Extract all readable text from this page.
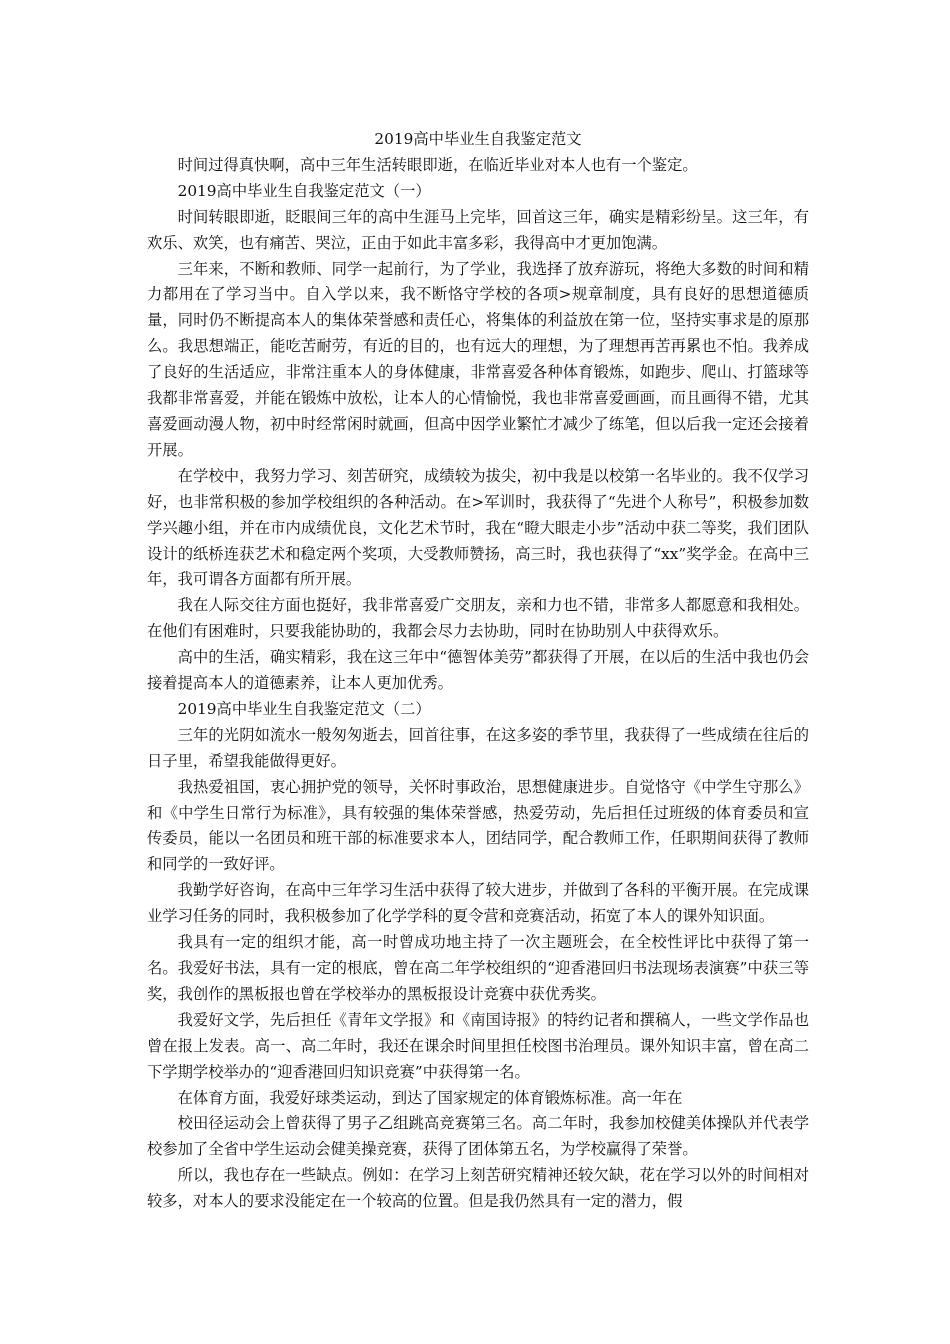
2019高中毕业生自我鉴定范文

时间过得真快啊，高中三年生活转眼即逝，在临近毕业对本人也有一个鉴定。

2019高中毕业生自我鉴定范文（一）

时间转眼即逝，眨眼间三年的高中生涯马上完毕，回首这三年，确实是精彩纷呈。这三年，有欢乐、欢笑，也有痛苦、哭泣，正由于如此丰富多彩，我得高中才更加饱满。

三年来，不断和教师、同学一起前行，为了学业，我选择了放弃游玩，将绝大多数的时间和精力都用在了学习当中。自入学以来，我不断恪守学校的各项>规章制度，具有良好的思想道德质量，同时仍不断提高本人的集体荣誉感和责任心，将集体的利益放在第一位，坚持实事求是的原那么。我思想端正，能吃苦耐劳，有近的目的，也有远大的理想，为了理想再苦再累也不怕。我养成了良好的生活适应，非常注重本人的身体健康，非常喜爱各种体育锻炼，如跑步、爬山、打篮球等我都非常喜爱，并能在锻炼中放松，让本人的心情愉悦，我也非常喜爱画画，而且画得不错，尤其喜爱画动漫人物，初中时经常闲时就画，但高中因学业繁忙才减少了练笔，但以后我一定还会接着开展。

在学校中，我努力学习、刻苦研究，成绩较为拔尖，初中我是以校第一名毕业的。我不仅学习好，也非常积极的参加学校组织的各种活动。在>军训时，我获得了“先进个人称号”，积极参加数学兴趣小组，并在市内成绩优良，文化艺术节时，我在“瞪大眼走小步”活动中获二等奖，我们团队设计的纸桥连获艺术和稳定两个奖项，大受教师赞扬，高三时，我也获得了“xx”奖学金。在高中三年，我可谓各方面都有所开展。

我在人际交往方面也挺好，我非常喜爱广交朋友，亲和力也不错，非常多人都愿意和我相处。在他们有困难时，只要我能协助的，我都会尽力去协助，同时在协助别人中获得欢乐。

高中的生活，确实精彩，我在这三年中“德智体美劳”都获得了开展，在以后的生活中我也仍会接着提高本人的道德素养，让本人更加优秀。

2019高中毕业生自我鉴定范文（二）

三年的光阴如流水一般匆匆逝去，回首往事，在这多姿的季节里，我获得了一些成绩在往后的日子里，希望我能做得更好。

我热爱祖国，衷心拥护党的领导，关怀时事政治，思想健康进步。自觉恪守《中学生守那么》和《中学生日常行为标准》，具有较强的集体荣誉感，热爱劳动，先后担任过班级的体育委员和宣传委员，能以一名团员和班干部的标准要求本人，团结同学，配合教师工作，任职期间获得了教师和同学的一致好评。

我勤学好咨询，在高中三年学习生活中获得了较大进步，并做到了各科的平衡开展。在完成课业学习任务的同时，我积极参加了化学学科的夏令营和竞赛活动，拓宽了本人的课外知识面。

我具有一定的组织才能，高一时曾成功地主持了一次主题班会，在全校性评比中获得了第一名。我爱好书法，具有一定的根底，曾在高二年学校组织的“迎香港回归书法现场表演赛”中获三等奖，我创作的黑板报也曾在学校举办的黑板报设计竞赛中获优秀奖。

我爱好文学，先后担任《青年文学报》和《南国诗报》的特约记者和撰稿人，一些文学作品也曾在报上发表。高一、高二年时，我还在课余时间里担任校图书治理员。课外知识丰富，曾在高二下学期学校举办的“迎香港回归知识竞赛”中获得第一名。

在体育方面，我爱好球类运动，到达了国家规定的体育锻炼标准。高一年在

校田径运动会上曾获得了男子乙组跳高竞赛第三名。高二年时，我参加校健美体操队并代表学校参加了全省中学生运动会健美操竞赛，获得了团体第五名，为学校赢得了荣誉。

所以，我也存在一些缺点。例如：在学习上刻苦研究精神还较欠缺，花在学习以外的时间相对较多，对本人的要求没能定在一个较高的位置。但是我仍然具有一定的潜力，假
